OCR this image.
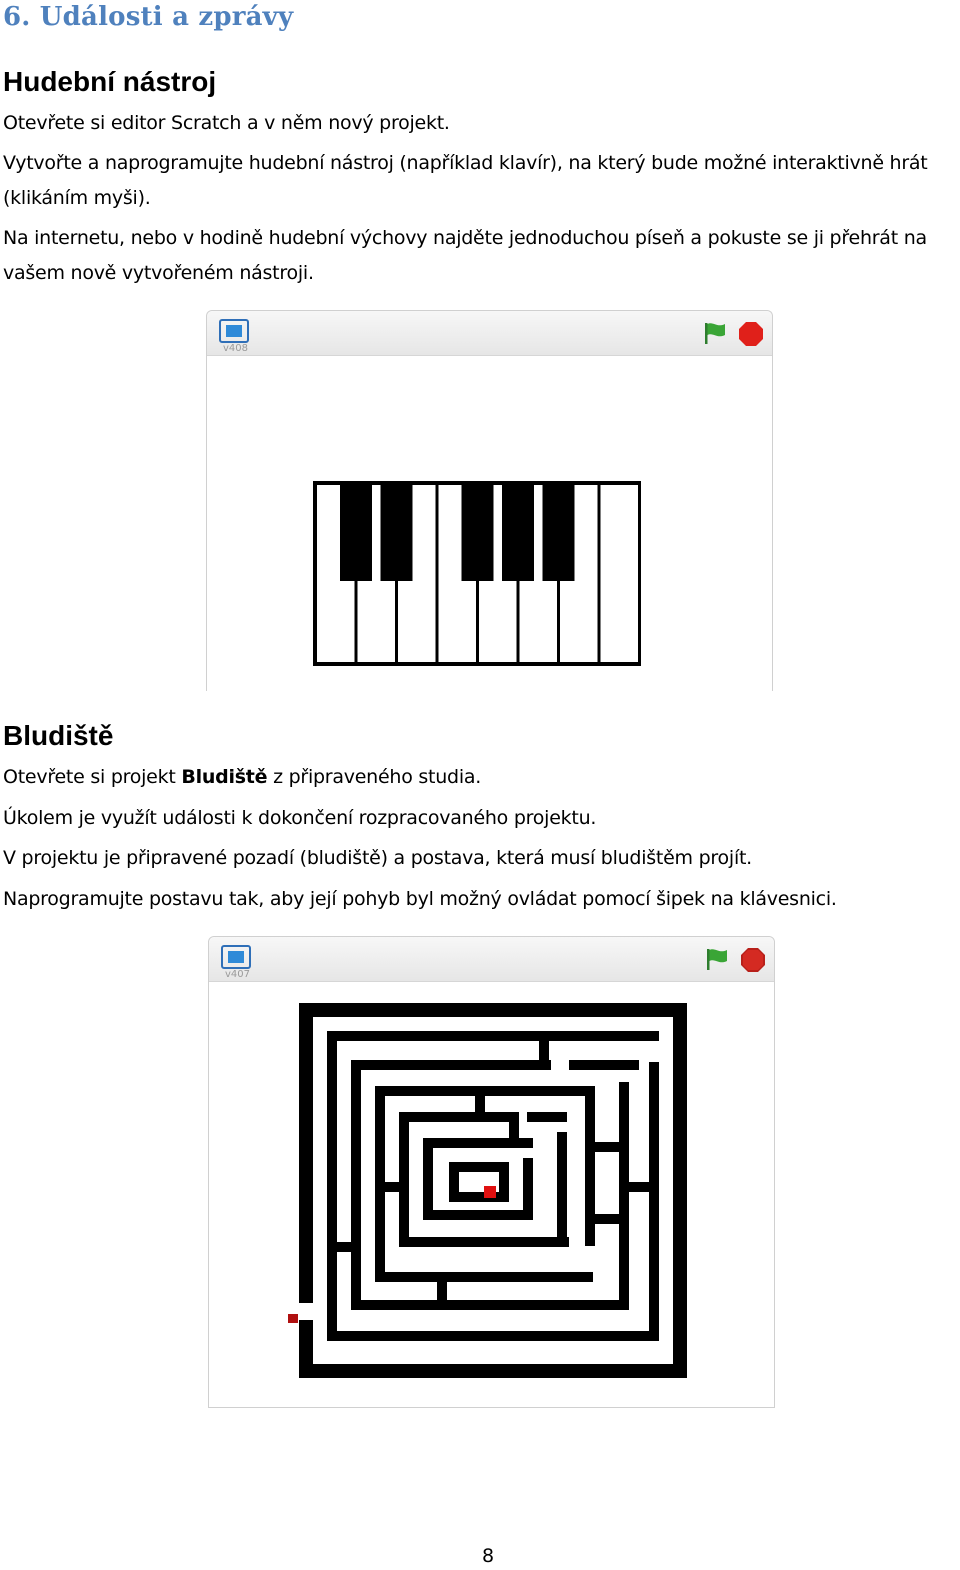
6. Události a zprávy
Hudební nástroj

Otevřete si editor Scratch a v něm nový projekt.

Vytvořte a naprogramujte hudební nástroj (například klavír), na který bude možné interaktivně hrát (klikáním myši).

Na internetu, nebo v hodině hudební výchovy najděte jednoduchou píseň a pokuste se ji přehrát na vašem nově vytvořeném nástroji.

v408
Bludiště

Otevřete si projekt Bludiště z připraveného studia.

Úkolem je využít události k dokončení rozpracovaného projektu.

V projektu je připravené pozadí (bludiště) a postava, která musí bludištěm projít.

Naprogramujte postavu tak, aby její pohyb byl možný ovládat pomocí šipek na klávesnici.

v407
8
